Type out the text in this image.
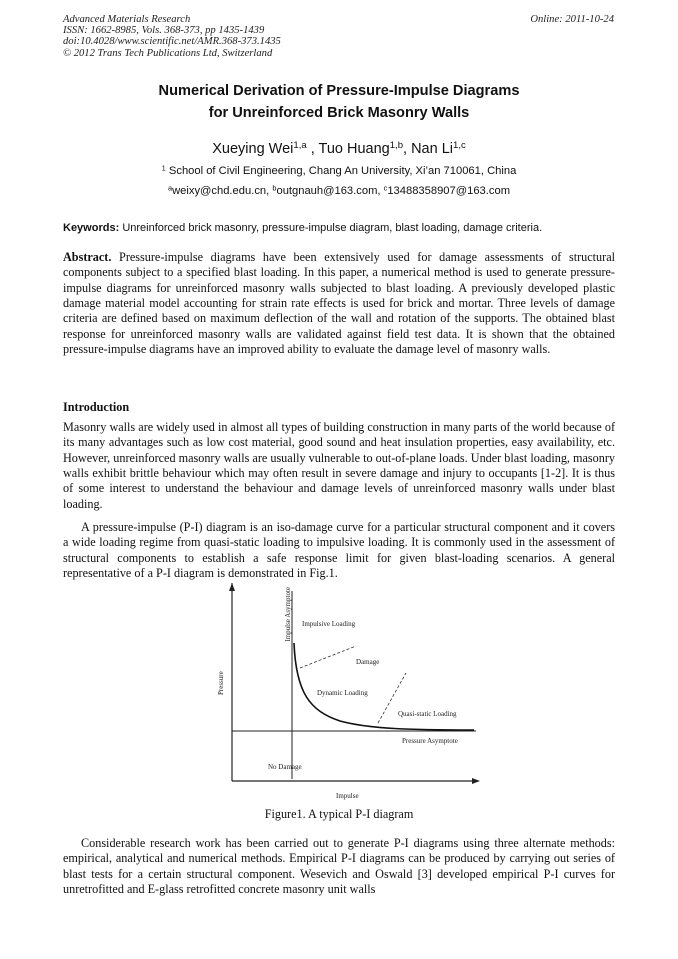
Advanced Materials Research
ISSN: 1662-8985, Vols. 368-373, pp 1435-1439
doi:10.4028/www.scientific.net/AMR.368-373.1435
© 2012 Trans Tech Publications Ltd, Switzerland
Online: 2011-10-24
Numerical Derivation of Pressure-Impulse Diagrams
for Unreinforced Brick Masonry Walls
Xueying Wei$^{1,a}$ , Tuo Huang$^{1,b}$, Nan Li$^{1,c}$
$^1$ School of Civil Engineering, Chang An University, Xi’an 710061, China
$^a$weixy@chd.edu.cn, $^b$outgnauh@163.com, $^c$13488358907@163.com
Keywords: Unreinforced brick masonry, pressure-impulse diagram, blast loading, damage criteria.
Abstract. Pressure-impulse diagrams have been extensively used for damage assessments of structural components subject to a specified blast loading. In this paper, a numerical method is used to generate pressure-impulse diagrams for unreinforced masonry walls subjected to blast loading. A previously developed plastic damage material model accounting for strain rate effects is used for brick and mortar. Three levels of damage criteria are defined based on maximum deflection of the wall and rotation of the supports. The obtained blast response for unreinforced masonry walls are validated against field test data. It is shown that the obtained pressure-impulse diagrams have an improved ability to evaluate the damage level of masonry walls.
Introduction
Masonry walls are widely used in almost all types of building construction in many parts of the world because of its many advantages such as low cost material, good sound and heat insulation properties, easy availability, etc. However, unreinforced masonry walls are usually vulnerable to out-of-plane loads. Under blast loading, masonry walls exhibit brittle behaviour which may often result in severe damage and injury to occupants [1-2]. It is thus of some interest to understand the behaviour and damage levels of unreinforced masonry walls under blast loading.
A pressure-impulse (P-I) diagram is an iso-damage curve for a particular structural component and it covers a wide loading regime from quasi-static loading to impulsive loading. It is commonly used in the assessment of structural components to establish a safe response limit for given blast-loading scenarios. A general representative of a P-I diagram is demonstrated in Fig.1.
Impulse Asymptote Impulsive Loading
Damage
Dynamic Loading
Quasi-static Loading
Pressure Asymptote
No Damage
Impulse
Pressure
Figure1. A typical P-I diagram
Considerable research work has been carried out to generate P-I diagrams using three alternate methods: empirical, analytical and numerical methods. Empirical P-I diagrams can be produced by carrying out series of blast tests for a certain structural component. Wesevich and Oswald [3] developed empirical P-I curves for unretrofitted and E-glass retrofitted concrete masonry unit walls
